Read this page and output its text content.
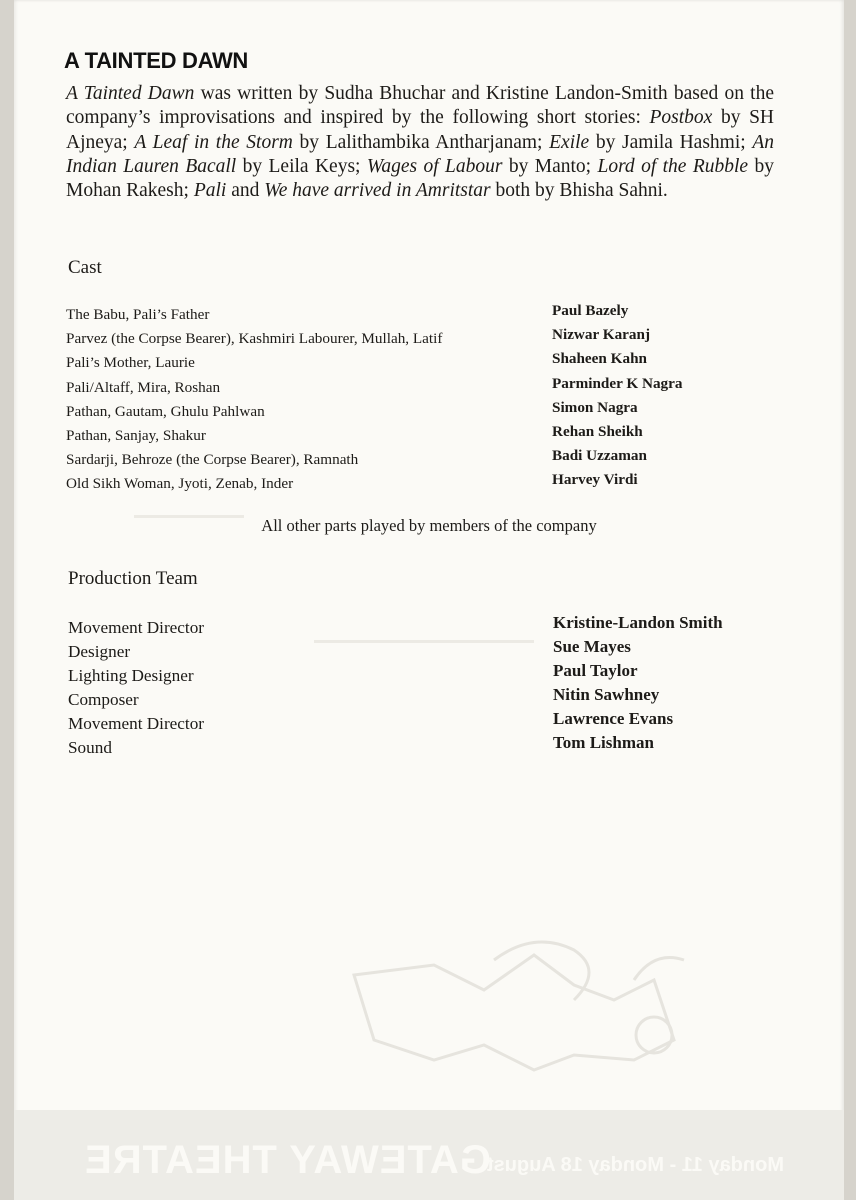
GATEWAY THEATRE
Monday 11 - Monday 18 August
A TAINTED DAWN
A Tainted Dawn was written by Sudha Bhuchar and Kristine Landon-Smith based on the company’s improvisations and inspired by the following short stories: Postbox by SH Ajneya; A Leaf in the Storm by Lalithambika Antharjanam; Exile by Jamila Hashmi; An Indian Lauren Bacall by Leila Keys; Wages of Labour by Manto; Lord of the Rubble by Mohan Rakesh; Pali and We have arrived in Amritstar both by Bhisha Sahni.
Cast
The Babu, Pali’s Father
Parvez (the Corpse Bearer), Kashmiri Labourer, Mullah, Latif
Pali’s Mother, Laurie
Pali/Altaff, Mira, Roshan
Pathan, Gautam, Ghulu Pahlwan
Pathan, Sanjay, Shakur
Sardarji, Behroze (the Corpse Bearer), Ramnath
Old Sikh Woman, Jyoti, Zenab, Inder
Paul Bazely
Nizwar Karanj
Shaheen Kahn
Parminder K Nagra
Simon Nagra
Rehan Sheikh
Badi Uzzaman
Harvey Virdi
All other parts played by members of the company
Production Team
Movement Director
Designer
Lighting Designer
Composer
Movement Director
Sound
Kristine-Landon Smith
Sue Mayes
Paul Taylor
Nitin Sawhney
Lawrence Evans
Tom Lishman
